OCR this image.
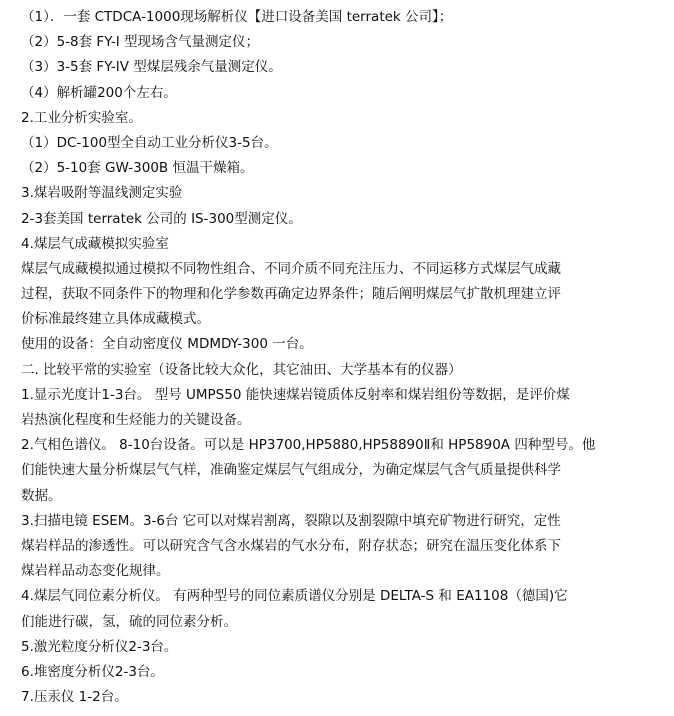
（1）．一套 CTDCA-1000现场解析仪【进口设备美国 terratek 公司】；
（2）5-8套 FY-I 型现场含气量测定仪；
（3）3-5套 FY-IV 型煤层残余气量测定仪。
（4）解析罐200个左右。
2.工业分析实验室。
（1）DC-100型全自动工业分析仪3-5台。
（2）5-10套 GW-300B 恒温干燥箱。
3.煤岩吸附等温线测定实验
2-3套美国 terratek 公司的 IS-300型测定仪。
4.煤层气成藏模拟实验室
煤层气成藏模拟通过模拟不同物性组合、不同介质不同充注压力、不同运移方式煤层气成藏
过程，获取不同条件下的物理和化学参数再确定边界条件；随后阐明煤层气扩散机理建立评
价标准最终建立具体成藏模式。
使用的设备：全自动密度仪 MDMDY-300 一台。
二. 比较平常的实验室（设备比较大众化，其它油田、大学基本有的仪器）
1.显示光度计1-3台。 型号 UMPS50 能快速煤岩镜质体反射率和煤岩组份等数据，是评价煤
岩热演化程度和生烃能力的关键设备。
2.气相色谱仪。 8-10台设备。可以是 HP3700,HP5880,HP58890Ⅱ和 HP5890A 四种型号。他
们能快速大量分析煤层气气样，准确鉴定煤层气气组成分，为确定煤层气含气质量提供科学
数据。
3.扫描电镜 ESEM。3-6台 它可以对煤岩割离，裂隙以及割裂隙中填充矿物进行研究，定性
煤岩样品的渗透性。可以研究含气含水煤岩的气水分布，附存状态；研究在温压变化体系下
煤岩样品动态变化规律。
4.煤层气同位素分析仪。 有两种型号的同位素质谱仪分别是 DELTA-S 和 EA1108（德国)它
们能进行碳，氢，硫的同位素分析。
5.激光粒度分析仪2-3台。
6.堆密度分析仪2-3台。
7.压汞仪 1-2台。
